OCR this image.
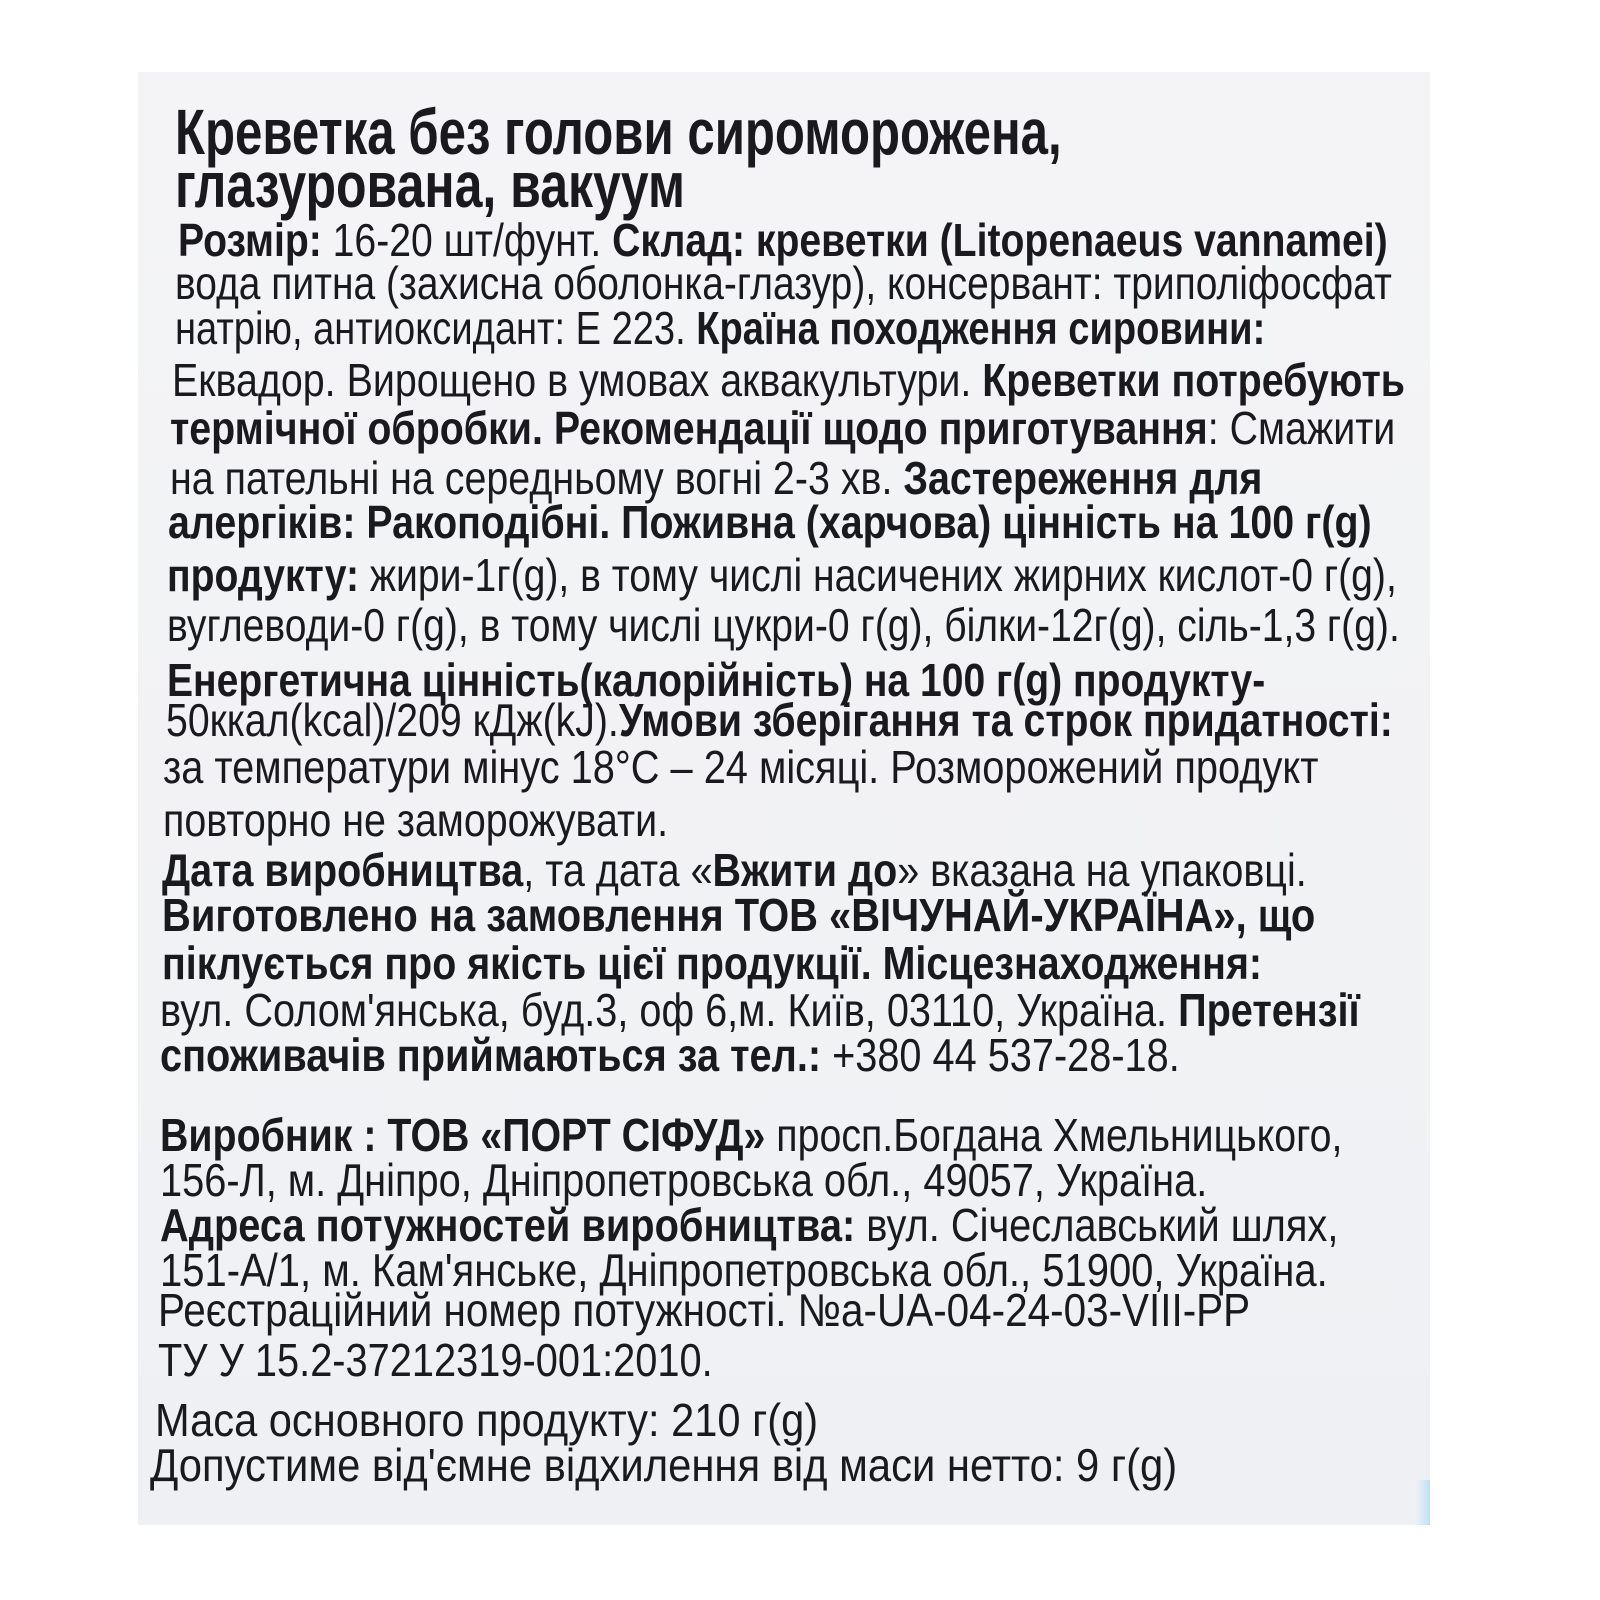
Креветка без голови сироморожена,
глазурована, вакуум
Розмір: 16-20 шт/фунт. Склад: креветки (Litopenaeus vannamei)
вода питна (захисна оболонка-глазур), консервант: триполіфосфат
натрію, антиоксидант: Е 223. Країна походження сировини:
Еквадор. Вирощено в умовах аквакультури. Креветки потребують
термічної обробки. Рекомендації щодо приготування: Смажити
на пательні на середньому вогні 2-3 хв. Застереження для
алергіків: Ракоподібні. Поживна (харчова) цінність на 100 г(g)
продукту: жири-1г(g), в тому числі насичених жирних кислот-0 г(g),
вуглеводи-0 г(g), в тому числі цукри-0 г(g), білки-12г(g), сіль-1,3 г(g).
Енергетична цінність(калорійність) на 100 г(g) продукту-
50ккал(kcal)/209 кДж(kJ).Умови зберігання та строк придатності:
за температури мінус 18°C – 24 місяці. Розморожений продукт
повторно не заморожувати.
Дата виробництва, та дата «Вжити до» вказана на упаковці.
Виготовлено на замовлення ТОВ «ВІЧУНАЙ-УКРАЇНА», що
піклується про якість цієї продукції. Місцезнаходження:
вул. Солом'янська, буд.3, оф 6,м. Київ, 03110, Україна. Претензії
споживачів приймаються за тел.: +380 44 537-28-18.
Виробник : ТОВ «ПОРТ СІФУД» просп.Богдана Хмельницького,
156-Л, м. Дніпро, Дніпропетровська обл., 49057, Україна.
Адреса потужностей виробництва: вул. Січеславський шлях,
151-А/1, м. Кам'янське, Дніпропетровська обл., 51900, Україна.
Реєстраційний номер потужності. №a-UA-04-24-03-VIII-PP
ТУ У 15.2-37212319-001:2010.
Маса основного продукту: 210 г(g)
Допустиме від'ємне відхилення від маси нетто: 9 г(g)
